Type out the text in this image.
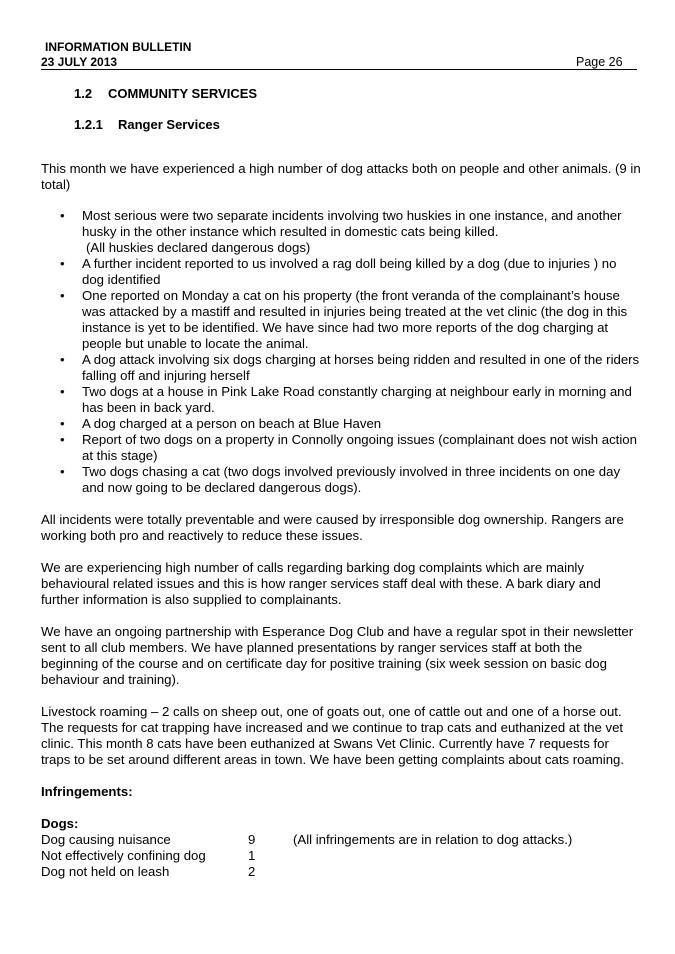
INFORMATION BULLETIN
23 JULY 2013	Page 26
1.2 COMMUNITY SERVICES
1.2.1 Ranger Services

This month we have experienced a high number of dog attacks both on people and other animals. (9 in total)

• Most serious were two separate incidents involving two huskies in one instance, and another husky in the other instance which resulted in domestic cats being killed.
(All huskies declared dangerous dogs)
• A further incident reported to us involved a rag doll being killed by a dog (due to injuries ) no dog identified
• One reported on Monday a cat on his property (the front veranda of the complainant’s house was attacked by a mastiff and resulted in injuries being treated at the vet clinic (the dog in this instance is yet to be identified. We have since had two more reports of the dog charging at people but unable to locate the animal.
• A dog attack involving six dogs charging at horses being ridden and resulted in one of the riders falling off and injuring herself
• Two dogs at a house in Pink Lake Road constantly charging at neighbour early in morning and has been in back yard.
• A dog charged at a person on beach at Blue Haven
• Report of two dogs on a property in Connolly ongoing issues (complainant does not wish action at this stage)
• Two dogs chasing a cat (two dogs involved previously involved in three incidents on one day and now going to be declared dangerous dogs).

All incidents were totally preventable and were caused by irresponsible dog ownership. Rangers are working both pro and reactively to reduce these issues.

We are experiencing high number of calls regarding barking dog complaints which are mainly behavioural related issues and this is how ranger services staff deal with these. A bark diary and further information is also supplied to complainants.

We have an ongoing partnership with Esperance Dog Club and have a regular spot in their newsletter sent to all club members. We have planned presentations by ranger services staff at both the beginning of the course and on certificate day for positive training (six week session on basic dog behaviour and training).

Livestock roaming – 2 calls on sheep out, one of goats out, one of cattle out and one of a horse out.

The requests for cat trapping have increased and we continue to trap cats and euthanized at the vet clinic. This month 8 cats have been euthanized at Swans Vet Clinic. Currently have 7 requests for traps to be set around different areas in town. We have been getting complaints about cats roaming.

Infringements:

Dogs:
Dog causing nuisance	9	(All infringements are in relation to dog attacks.)
Not effectively confining dog	1	
Dog not held on leash	2	
